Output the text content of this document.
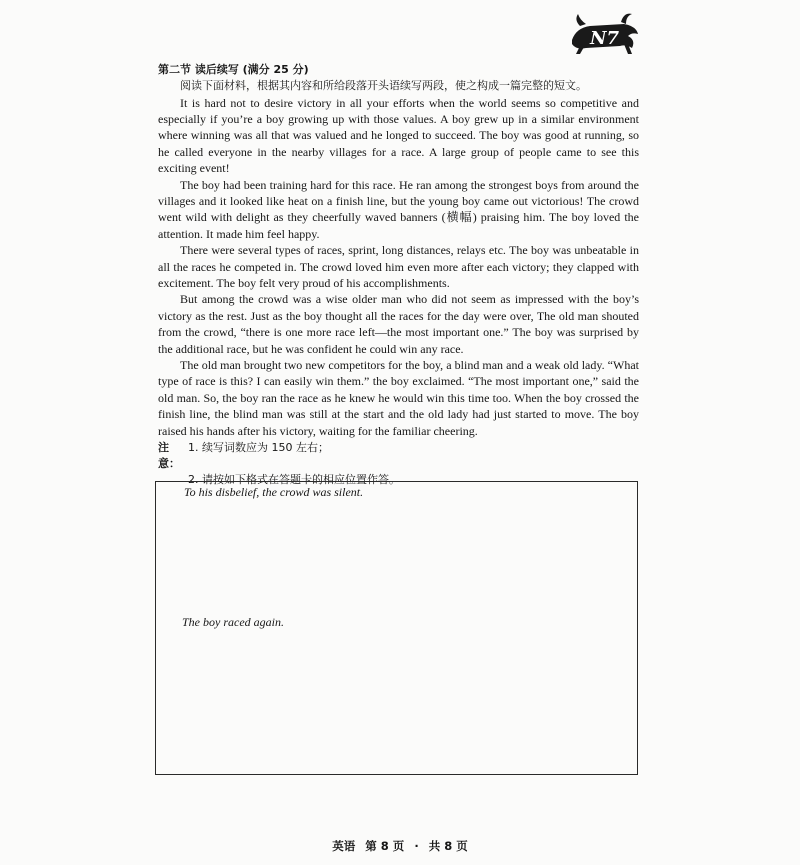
N7

第二节 读后续写 (满分 25 分)

阅读下面材料，根据其内容和所给段落开头语续写两段，使之构成一篇完整的短文。

It is hard not to desire victory in all your efforts when the world seems so competitive and especially if you’re a boy growing up with those values. A boy grew up in a similar environment where winning was all that was valued and he longed to succeed. The boy was good at running, so he called everyone in the nearby villages for a race. A large group of people came to see this exciting event!

The boy had been training hard for this race. He ran among the strongest boys from around the villages and it looked like heat on a finish line, but the young boy came out victorious! The crowd went wild with delight as they cheerfully waved banners (横幅) praising him. The boy loved the attention. It made him feel happy.

There were several types of races, sprint, long distances, relays etc. The boy was unbeatable in all the races he competed in. The crowd loved him even more after each victory; they clapped with excitement. The boy felt very proud of his accomplishments.

But among the crowd was a wise older man who did not seem as impressed with the boy’s victory as the rest. Just as the boy thought all the races for the day were over, The old man shouted from the crowd, “there is one more race left—the most important one.” The boy was surprised by the additional race, but he was confident he could win any race.

The old man brought two new competitors for the boy, a blind man and a weak old lady. “What type of race is this? I can easily win them.” the boy exclaimed. “The most important one,” said the old man. So, the boy ran the race as he knew he would win this time too. When the boy crossed the finish line, the blind man was still at the start and the old lady had just started to move. The boy raised his hands after his victory, waiting for the familiar cheering.

注意：
1. 续写词数应为 150 左右；
2. 请按如下格式在答题卡的相应位置作答。

To his disbelief, the crowd was silent.

The boy raced again.

英语 第 8 页 · 共 8 页
